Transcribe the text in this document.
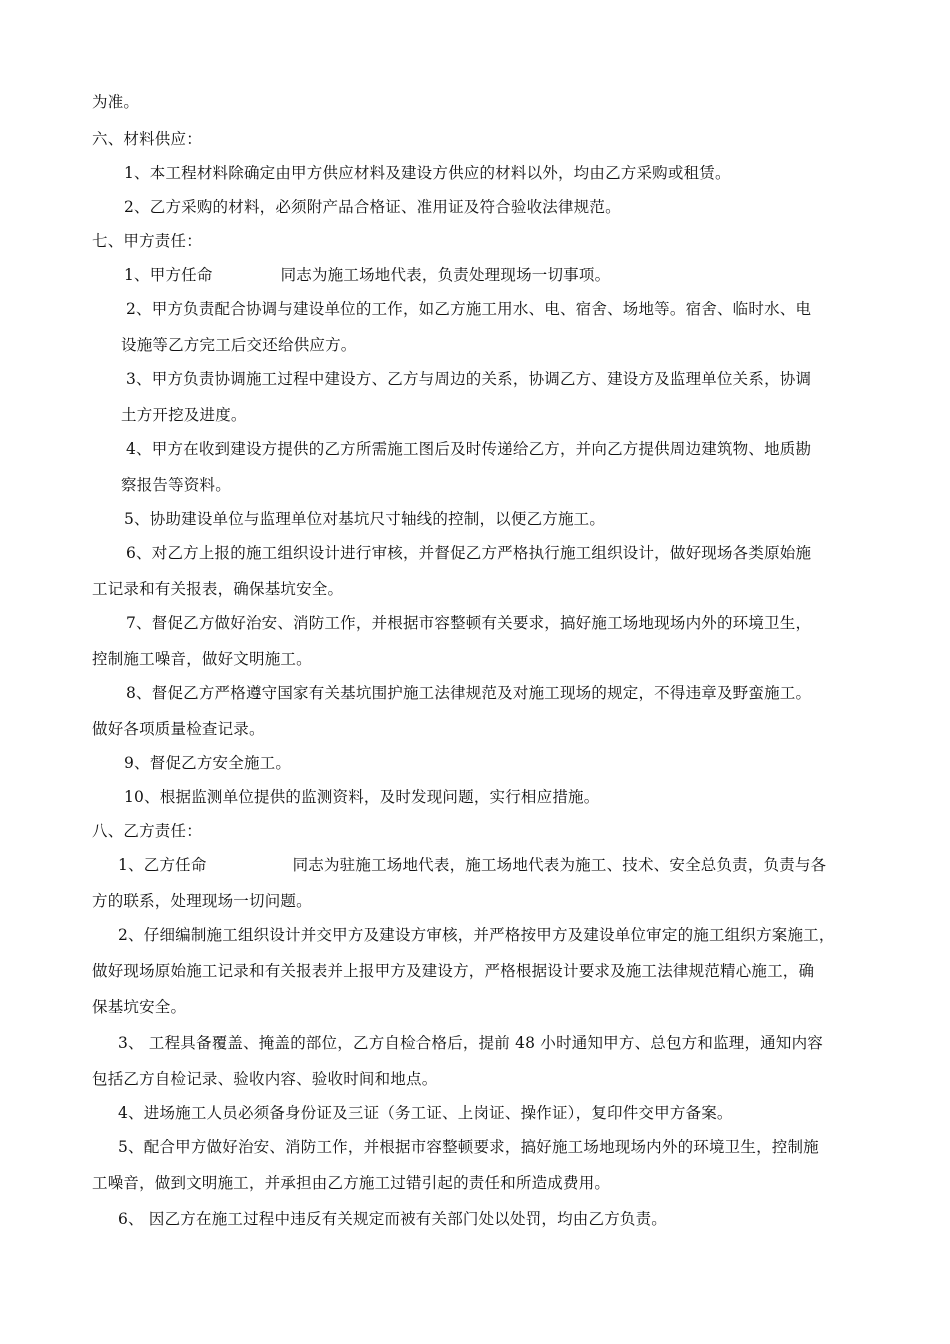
为准。
六、材料供应：
1、本工程材料除确定由甲方供应材料及建设方供应的材料以外，均由乙方采购或租赁。
2、乙方采购的材料，必须附产品合格证、准用证及符合验收法律规范。
七、甲方责任：
1、甲方任命	同志为施工场地代表，负责处理现场一切事项。
2、甲方负责配合协调与建设单位的工作，如乙方施工用水、电、宿舍、场地等。宿舍、临时水、电
设施等乙方完工后交还给供应方。
3、甲方负责协调施工过程中建设方、乙方与周边的关系，协调乙方、建设方及监理单位关系，协调
土方开挖及进度。
4、甲方在收到建设方提供的乙方所需施工图后及时传递给乙方，并向乙方提供周边建筑物、地质勘
察报告等资料。
5、协助建设单位与监理单位对基坑尺寸轴线的控制，以便乙方施工。
6、对乙方上报的施工组织设计进行审核，并督促乙方严格执行施工组织设计，做好现场各类原始施
工记录和有关报表，确保基坑安全。
7、督促乙方做好治安、消防工作，并根据市容整顿有关要求，搞好施工场地现场内外的环境卫生，
控制施工噪音，做好文明施工。
8、督促乙方严格遵守国家有关基坑围护施工法律规范及对施工现场的规定，不得违章及野蛮施工。
做好各项质量检查记录。
9、督促乙方安全施工。
10、根据监测单位提供的监测资料，及时发现问题，实行相应措施。
八、乙方责任：
1、乙方任命	同志为驻施工场地代表，施工场地代表为施工、技术、安全总负责，负责与各
方的联系，处理现场一切问题。
2、仔细编制施工组织设计并交甲方及建设方审核，并严格按甲方及建设单位审定的施工组织方案施工，
做好现场原始施工记录和有关报表并上报甲方及建设方，严格根据设计要求及施工法律规范精心施工，确
保基坑安全。
3、 工程具备覆盖、掩盖的部位，乙方自检合格后，提前 48 小时通知甲方、总包方和监理，通知内容
包括乙方自检记录、验收内容、验收时间和地点。
4、进场施工人员必须备身份证及三证（务工证、上岗证、操作证），复印件交甲方备案。
5、配合甲方做好治安、消防工作，并根据市容整顿要求，搞好施工场地现场内外的环境卫生，控制施
工噪音，做到文明施工，并承担由乙方施工过错引起的责任和所造成费用。
6、 因乙方在施工过程中违反有关规定而被有关部门处以处罚，均由乙方负责。
